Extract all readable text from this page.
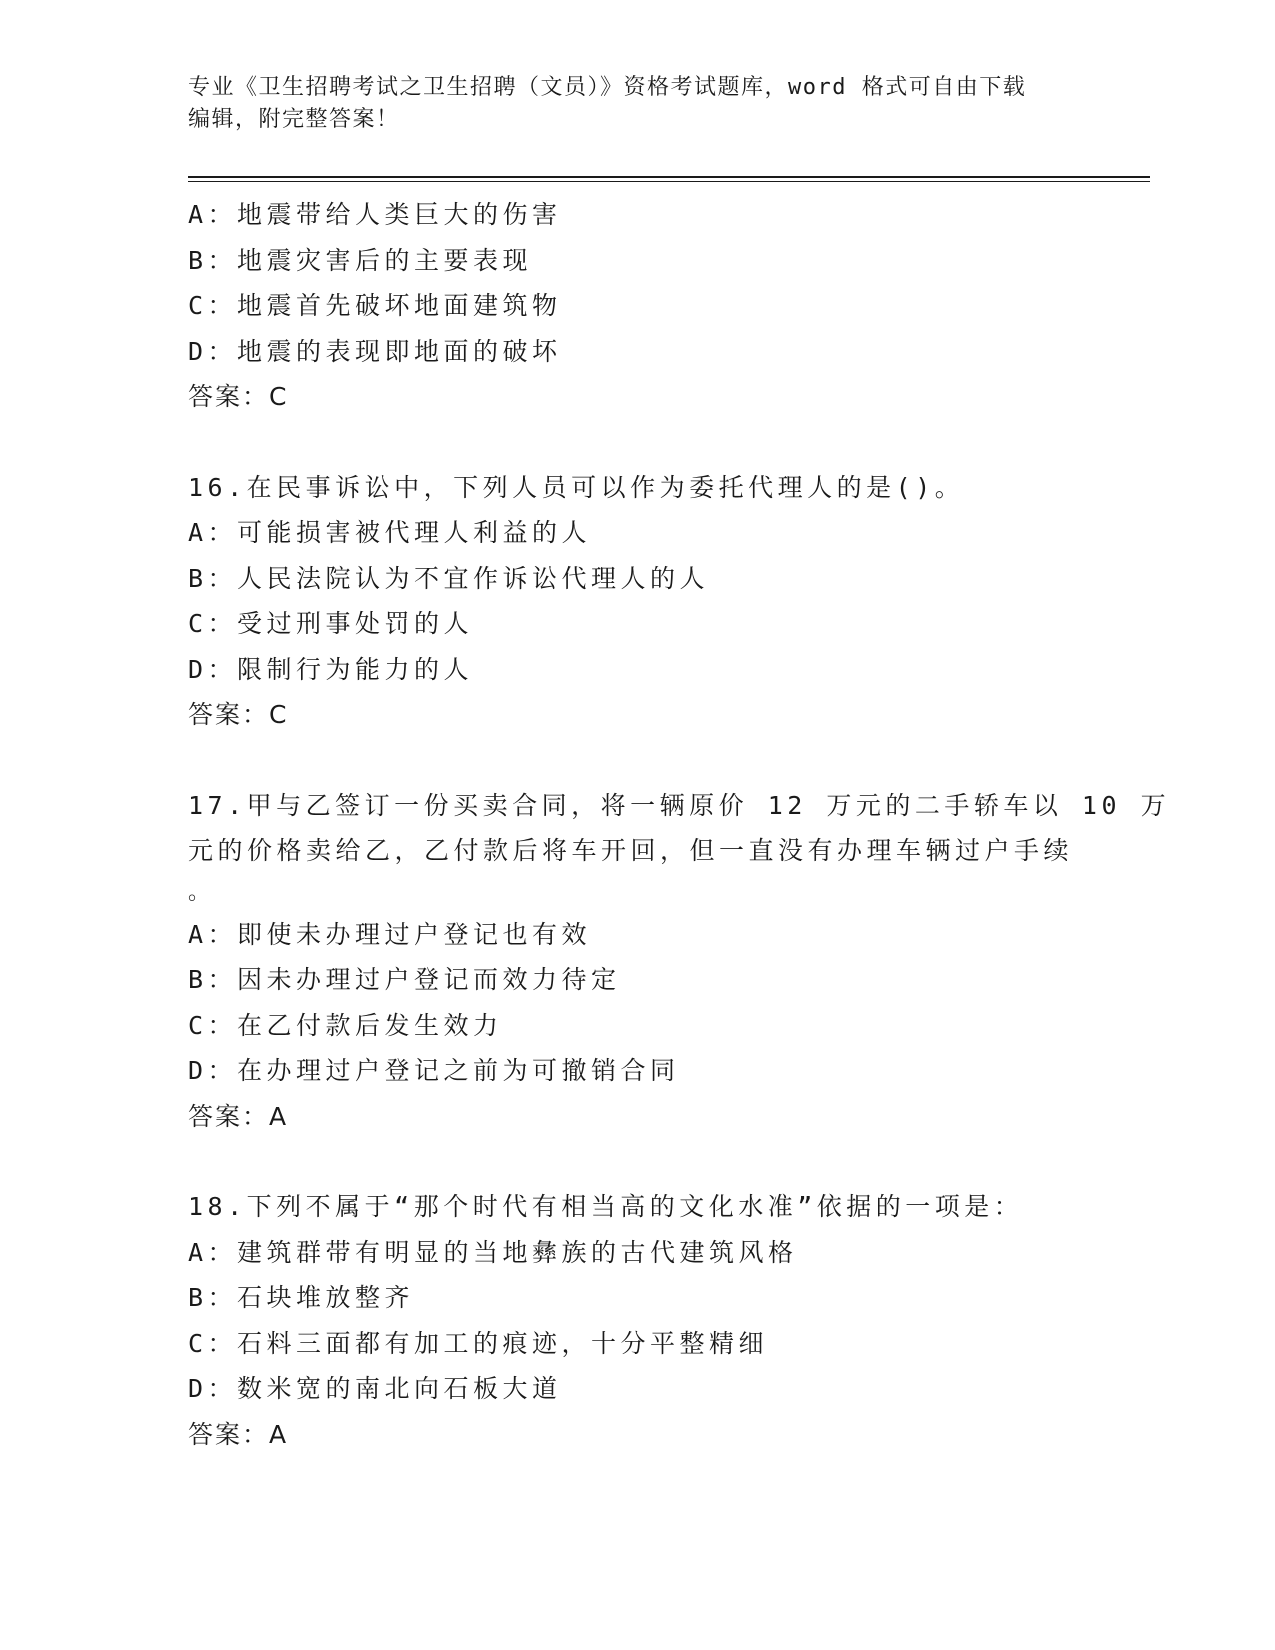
专业《卫生招聘考试之卫生招聘（文员）》资格考试题库，word 格式可自由下载
编辑，附完整答案！
A：地震带给人类巨大的伤害
B：地震灾害后的主要表现
C：地震首先破坏地面建筑物
D：地震的表现即地面的破坏
答案：C
16.在民事诉讼中，下列人员可以作为委托代理人的是()。
A：可能损害被代理人利益的人
B：人民法院认为不宜作诉讼代理人的人
C：受过刑事处罚的人
D：限制行为能力的人
答案：C
17.甲与乙签订一份买卖合同，将一辆原价 12 万元的二手轿车以 10 万
元的价格卖给乙，乙付款后将车开回，但一直没有办理车辆过户手续
。
A：即使未办理过户登记也有效
B：因未办理过户登记而效力待定
C：在乙付款后发生效力
D：在办理过户登记之前为可撤销合同
答案：A
18.下列不属于“那个时代有相当高的文化水准”依据的一项是：
A：建筑群带有明显的当地彝族的古代建筑风格
B：石块堆放整齐
C：石料三面都有加工的痕迹，十分平整精细
D：数米宽的南北向石板大道
答案：A
